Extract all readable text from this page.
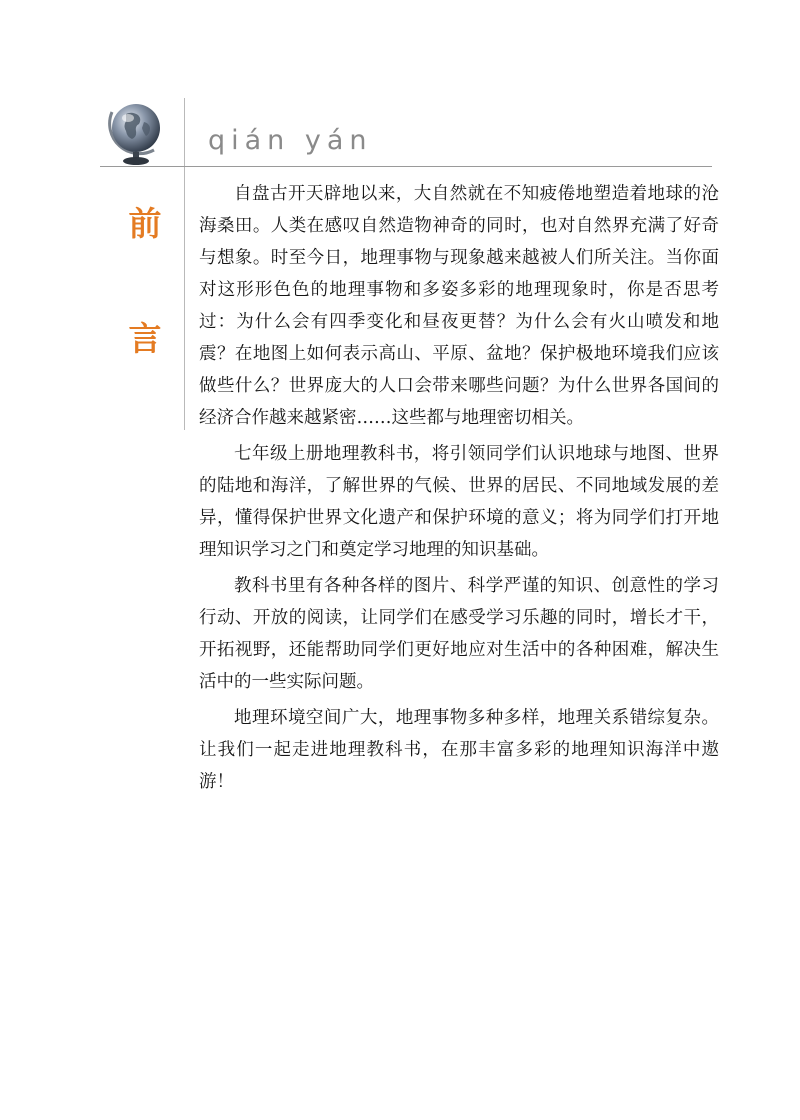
qián yán
前
言

自盘古开天辟地以来，大自然就在不知疲倦地塑造着地球的沧海桑田。人类在感叹自然造物神奇的同时，也对自然界充满了好奇与想象。时至今日，地理事物与现象越来越被人们所关注。当你面对这形形色色的地理事物和多姿多彩的地理现象时，你是否思考过：为什么会有四季变化和昼夜更替？为什么会有火山喷发和地震？在地图上如何表示高山、平原、盆地？保护极地环境我们应该做些什么？世界庞大的人口会带来哪些问题？为什么世界各国间的经济合作越来越紧密……这些都与地理密切相关。

七年级上册地理教科书，将引领同学们认识地球与地图、世界的陆地和海洋，了解世界的气候、世界的居民、不同地域发展的差异，懂得保护世界文化遗产和保护环境的意义；将为同学们打开地理知识学习之门和奠定学习地理的知识基础。

教科书里有各种各样的图片、科学严谨的知识、创意性的学习行动、开放的阅读，让同学们在感受学习乐趣的同时，增长才干，开拓视野，还能帮助同学们更好地应对生活中的各种困难，解决生活中的一些实际问题。

地理环境空间广大，地理事物多种多样，地理关系错综复杂。让我们一起走进地理教科书，在那丰富多彩的地理知识海洋中遨游！
